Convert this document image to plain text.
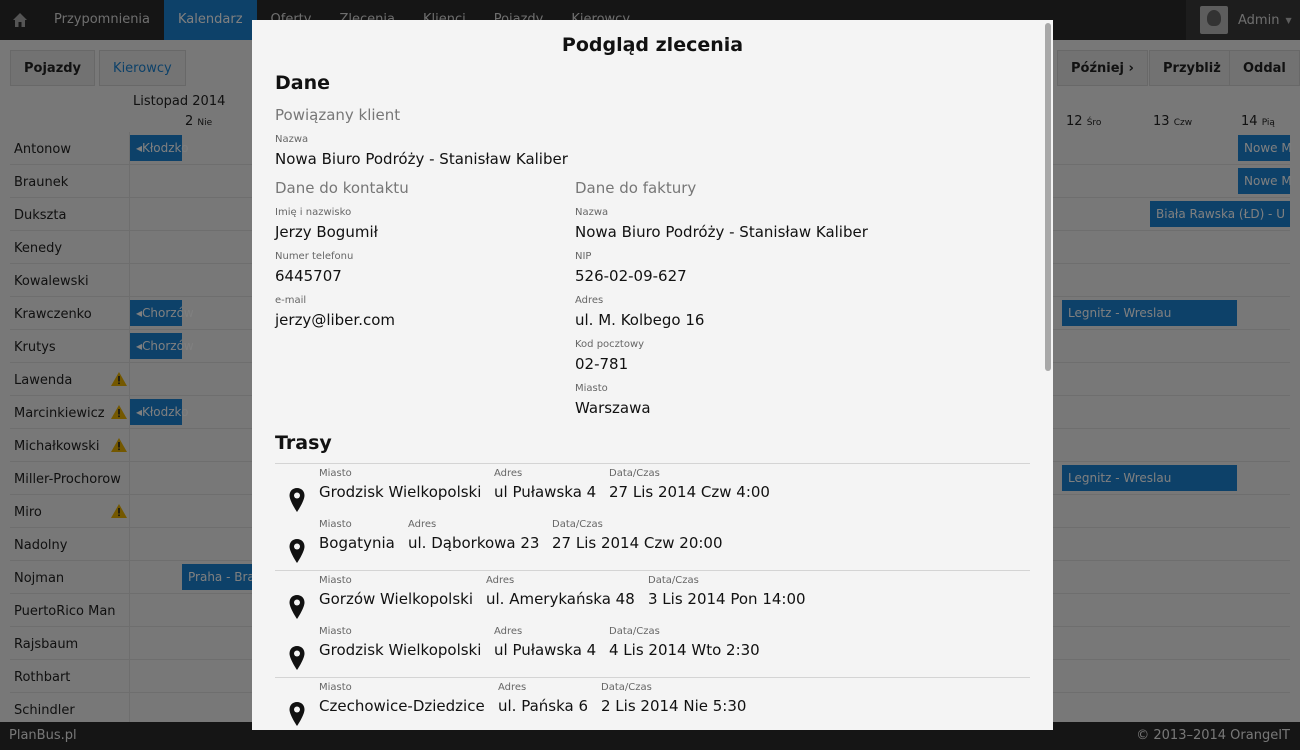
Podgląd zlecenia
Dane
Powiązany klient
Nazwa
Nowa Biuro Podróży - Stanisław Kaliber
Dane do kontaktu
Imię i nazwisko
Jerzy Bogumił
Numer telefonu
6445707
e-mail
jerzy@liber.com
Dane do faktury
Nazwa
Nowa Biuro Podróży - Stanisław Kaliber
NIP
526-02-09-627
Adres
ul. M. Kolbego 16
Kod pocztowy
02-781
Miasto
Warszawa
Trasy
Miasto
Grodzisk Wielkopolski
Adres
ul Puławska 4
Data/Czas
27 Lis 2014 Czw 4:00
Miasto
Bogatynia
Adres
ul. Dąborkowa 23
Data/Czas
27 Lis 2014 Czw 20:00
Miasto
Gorzów Wielkopolski
Adres
ul. Amerykańska 48
Data/Czas
3 Lis 2014 Pon 14:00
Miasto
Grodzisk Wielkopolski
Adres
ul Puławska 4
Data/Czas
4 Lis 2014 Wto 2:30
Miasto
Czechowice-Dziedzice
Adres
ul. Pańska 6
Data/Czas
2 Lis 2014 Nie 5:30
